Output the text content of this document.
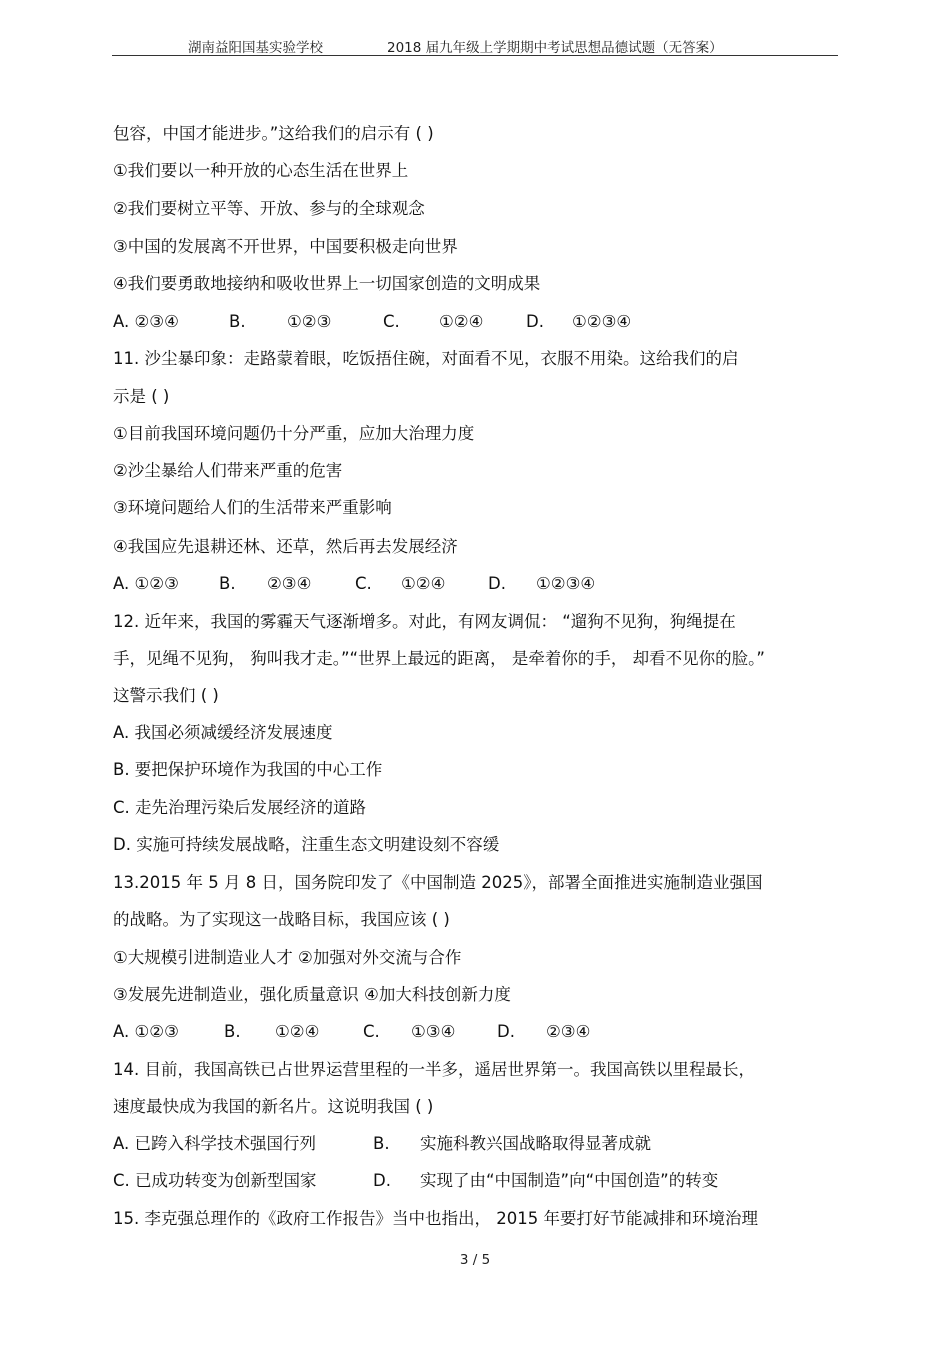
湖南益阳国基实验学校	2018 届九年级上学期期中考试思想品德试题（无答案）
包容，中国才能进步。”这给我们的启示有 ( )
①我们要以一种开放的心态生活在世界上
②我们要树立平等、开放、参与的全球观念
③中国的发展离不开世界，中国要积极走向世界
④我们要勇敢地接纳和吸收世界上一切国家创造的文明成果
A. ②③④	B.	①②③	C. ①②④	D. ①②③④
11. 沙尘暴印象：走路蒙着眼，吃饭捂住碗，对面看不见，衣服不用染。这给我们的启
示是 ( )
①目前我国环境问题仍十分严重，应加大治理力度
②沙尘暴给人们带来严重的危害
③环境问题给人们的生活带来严重影响
④我国应先退耕还林、还草，然后再去发展经济
A. ①②③ B. ②③④	C. ①②④	D. ①②③④
12. 近年来，我国的雾霾天气逐渐增多。对此，有网友调侃： “遛狗不见狗，狗绳提在
手，见绳不见狗， 狗叫我才走。”“世界上最远的距离， 是牵着你的手， 却看不见你的脸。”
这警示我们 ( )
A. 我国必须减缓经济发展速度
B. 要把保护环境作为我国的中心工作
C. 走先治理污染后发展经济的道路
D. 实施可持续发展战略，注重生态文明建设刻不容缓
13.2015 年 5 月 8 日，国务院印发了《中国制造 2025》，部署全面推进实施制造业强国
的战略。为了实现这一战略目标，我国应该 ( )
①大规模引进制造业人才 ②加强对外交流与合作
③发展先进制造业，强化质量意识 ④加大科技创新力度
A. ①②③	B. ①②④	C. ①③④	D. ②③④
14. 目前，我国高铁已占世界运营里程的一半多，遥居世界第一。我国高铁以里程最长，
速度最快成为我国的新名片。这说明我国 ( )
A. 已跨入科学技术强国行列	B. 实施科教兴国战略取得显著成就
C. 已成功转变为创新型国家	D. 实现了由“中国制造”向“中国创造”的转变
15. 李克强总理作的《政府工作报告》当中也指出， 2015 年要打好节能减排和环境治理
3 / 5
